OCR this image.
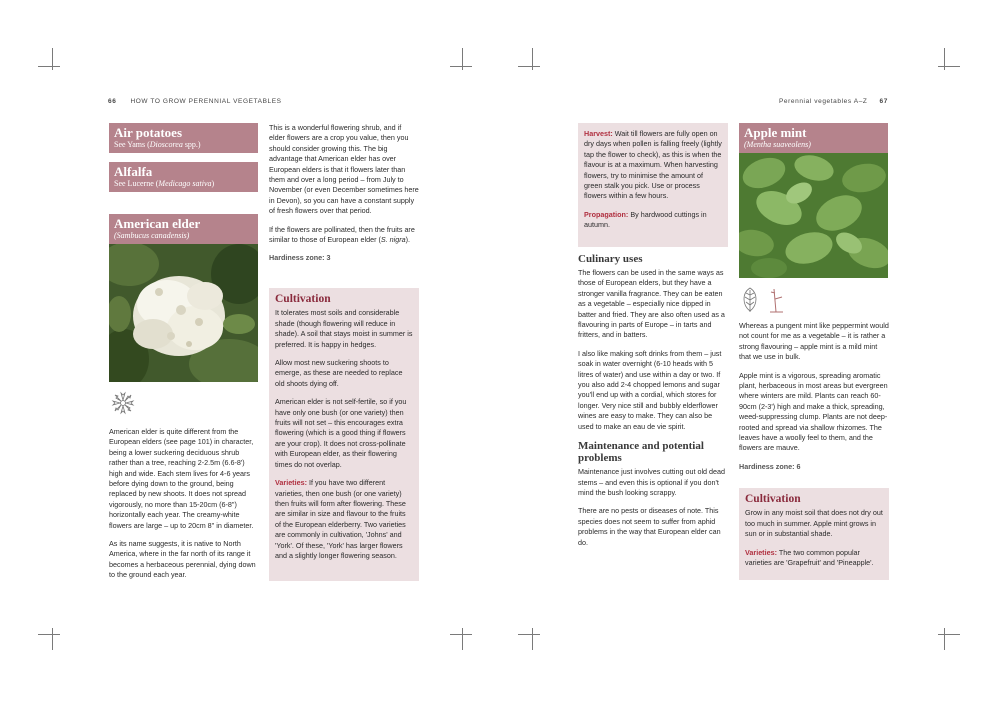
66 HOW TO GROW PERENNIAL VEGETABLES	Perennial vegetables A–Z 67
Air potatoes
See Yams (Dioscorea spp.)
Alfalfa
See Lucerne (Medicago sativa)
American elder
(Sambucus canadensis)

American elder is quite different from the European elders (see page 101) in character, being a lower suckering deciduous shrub rather than a tree, reaching 2-2.5m (6.6-8') high and wide. Each stem lives for 4-6 years before dying down to the ground, being replaced by new shoots. It does not spread vigorously, no more than 15-20cm (6-8") horizontally each year. The creamy-white flowers are large – up to 20cm 8" in diameter.

As its name suggests, it is native to North America, where in the far north of its range it becomes a herbaceous perennial, dying down to the ground each year.

This is a wonderful flowering shrub, and if elder flowers are a crop you value, then you should consider growing this. The big advantage that American elder has over European elders is that it flowers later than them and over a long period – from July to November (or even December sometimes here in Devon), so you can have a constant supply of fresh flowers over that period.

If the flowers are pollinated, then the fruits are similar to those of European elder (S. nigra).

Hardiness zone: 3
Cultivation

It tolerates most soils and considerable shade (though flowering will reduce in shade). A soil that stays moist in summer is preferred. It is happy in hedges.

Allow most new suckering shoots to emerge, as these are needed to replace old shoots dying off.

American elder is not self-fertile, so if you have only one bush (or one variety) then fruits will not set – this encourages extra flowering (which is a good thing if flowers are your crop). It does not cross-pollinate with European elder, as their flowering times do not overlap.

Varieties: If you have two different varieties, then one bush (or one variety) then fruits will form after flowering. These are similar in size and flavour to the fruits of the European elderberry. Two varieties are commonly in cultivation, 'Johns' and 'York'. Of these, 'York' has larger flowers and a slightly longer flowering season.

Harvest: Wait till flowers are fully open on dry days when pollen is falling freely (lightly tap the flower to check), as this is when the flavour is at a maximum. When harvesting flowers, try to minimise the amount of green stalk you pick. Use or process flowers within a few hours.

Propagation: By hardwood cuttings in autumn.

Culinary uses

The flowers can be used in the same ways as those of European elders, but they have a stronger vanilla fragrance. They can be eaten as a vegetable – especially nice dipped in batter and fried. They are also often used as a flavouring in parts of Europe – in tarts and fritters, and in batters.

I also like making soft drinks from them – just soak in water overnight (6-10 heads with 5 litres of water) and use within a day or two. If you also add 2-4 chopped lemons and sugar you'll end up with a cordial, which stores for longer. Very nice still and bubbly elderflower wines are easy to make. They can also be used to make an eau de vie spirit.

Maintenance and potential problems

Maintenance just involves cutting out old dead stems – and even this is optional if you don't mind the bush looking scrappy.

There are no pests or diseases of note. This species does not seem to suffer from aphid problems in the way that European elder can do.

Apple mint
(Mentha suaveolens)

Whereas a pungent mint like peppermint would not count for me as a vegetable – it is rather a strong flavouring – apple mint is a mild mint that we use in bulk.

Apple mint is a vigorous, spreading aromatic plant, herbaceous in most areas but evergreen where winters are mild. Plants can reach 60-90cm (2-3') high and make a thick, spreading, weed-suppressing clump. Plants are not deep-rooted and spread via shallow rhizomes. The leaves have a woolly feel to them, and the flowers are mauve.

Hardiness zone: 6
Cultivation

Grow in any moist soil that does not dry out too much in summer. Apple mint grows in sun or in substantial shade.

Varieties: The two common popular varieties are 'Grapefruit' and 'Pineapple'.
